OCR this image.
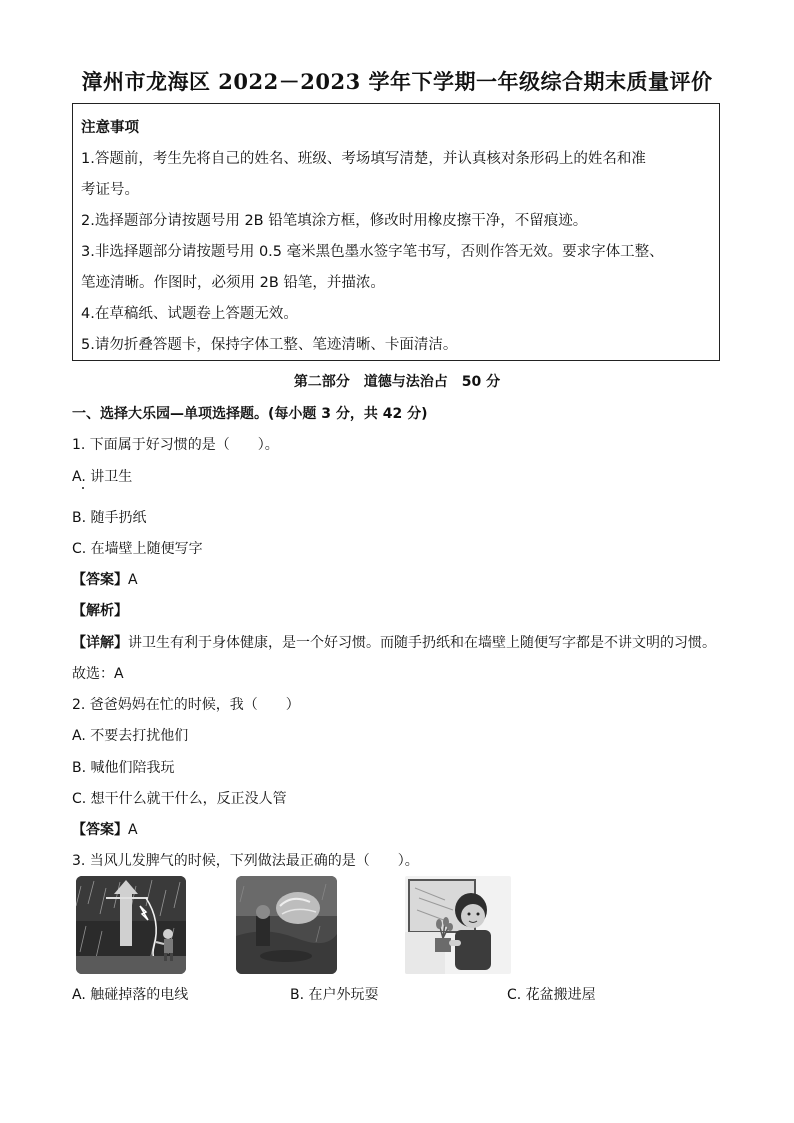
漳州市龙海区 2022－2023 学年下学期一年级综合期末质量评价
注意事项
1.答题前，考生先将自己的姓名、班级、考场填写清楚，并认真核对条形码上的姓名和准
考证号。
2.选择题部分请按题号用 2B 铅笔填涂方框，修改时用橡皮擦干净，不留痕迹。
3.非选择题部分请按题号用 0.5 毫米黑色墨水签字笔书写，否则作答无效。要求字体工整、
笔迹清晰。作图时，必须用 2B 铅笔，并描浓。
4.在草稿纸、试题卷上答题无效。
5.请勿折叠答题卡，保持字体工整、笔迹清晰、卡面清洁。
第二部分　道德与法治占　50 分
一、选择大乐园—单项选择题。(每小题 3 分，共 42 分)
1. 下面属于好习惯的是（　　）。
A. 讲卫生
B. 随手扔纸
C. 在墙壁上随便写字
【答案】A
【解析】
【详解】讲卫生有利于身体健康，是一个好习惯。而随手扔纸和在墙壁上随便写字都是不讲文明的习惯。
故选：A
2. 爸爸妈妈在忙的时候，我（　　）
A. 不要去打扰他们
B. 喊他们陪我玩
C. 想干什么就干什么，反正没人管
【答案】A
3. 当风儿发脾气的时候，下列做法最正确的是（　　）。
A. 触碰掉落的电线	B. 在户外玩耍	C. 花盆搬进屋
